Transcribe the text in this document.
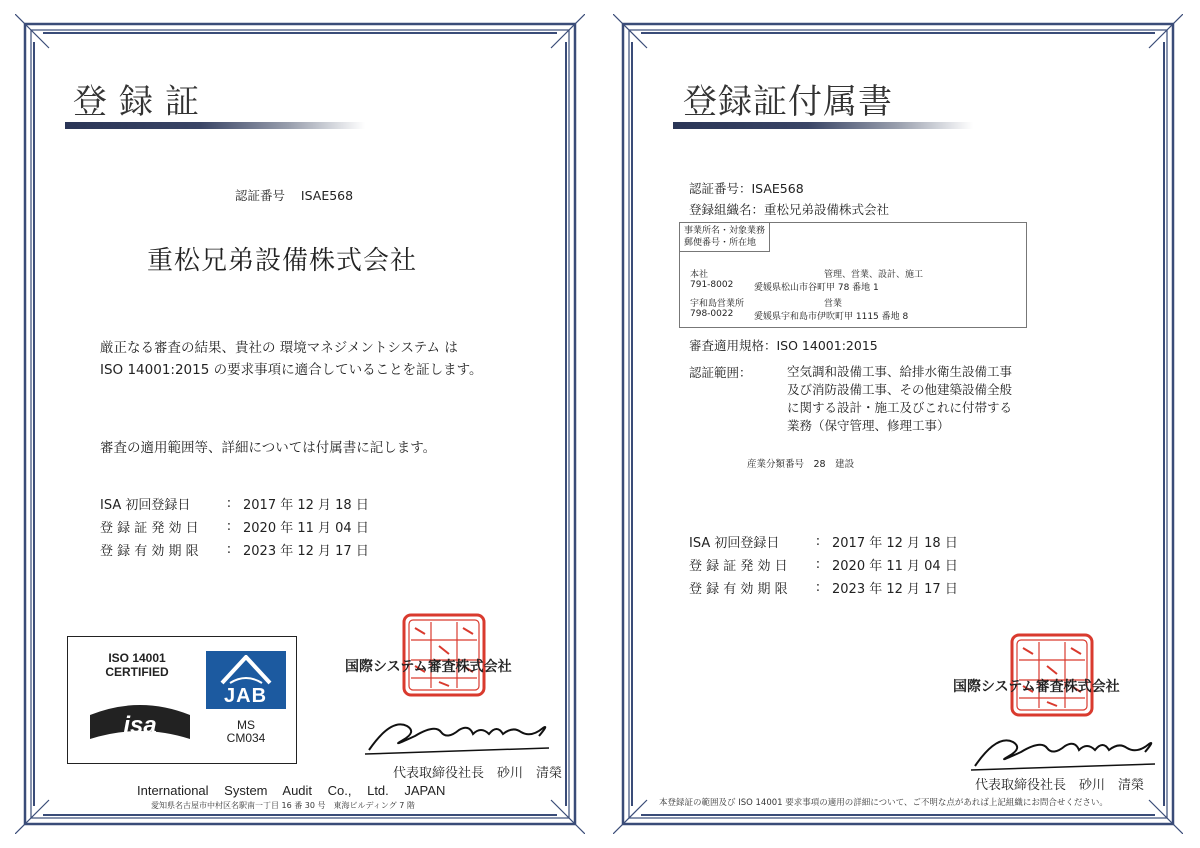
登録証
認証番号 ISAE568
重松兄弟設備株式会社
厳正なる審査の結果、貴社の 環境マネジメントシステム は
ISO 14001:2015 の要求事項に適合していることを証します。
審査の適用範囲等、詳細については付属書に記します。
ISA 初回登録日	:	2017 年 12 月 18 日
登 録 証 発 効 日	:	2020 年 11 月 04 日
登 録 有 効 期 限	:	2023 年 12 月 17 日
ISO 14001
CERTIFIED
isa
JAB
MS
CM034
国際システム審査株式会社
代表取締役社長　砂川　清榮
International System Audit Co., Ltd. JAPAN
愛知県名古屋市中村区名駅南一丁目 16 番 30 号　東海ビルディング 7 階
登録証付属書
認証番号：ISAE568
登録組織名：重松兄弟設備株式会社
事業所名・対象業務
郵便番号・所在地
本社	管理、営業、設計、施工
791-8002 愛媛県松山市谷町甲 78 番地 1
宇和島営業所	営業
798-0022 愛媛県宇和島市伊吹町甲 1115 番地 8
審査適用規格：ISO 14001:2015
認証範囲：	空気調和設備工事、給排水衛生設備工事
及び消防設備工事、その他建築設備全般
に関する設計・施工及びこれに付帯する
業務（保守管理、修理工事）
産業分類番号　28　建設
ISA 初回登録日	:	2017 年 12 月 18 日
登 録 証 発 効 日	:	2020 年 11 月 04 日
登 録 有 効 期 限	:	2023 年 12 月 17 日
国際システム審査株式会社
代表取締役社長　砂川　清榮
本登録証の範囲及び ISO 14001 要求事項の適用の詳細について、ご不明な点があれば上記組織にお問合せください。
